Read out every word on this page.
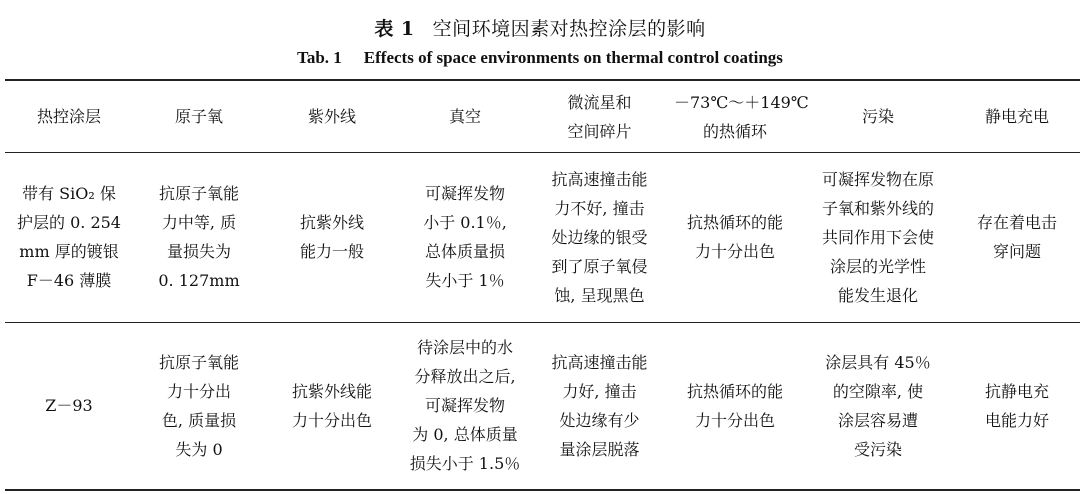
表 1 空间环境因素对热控涂层的影响
Tab. 1 Effects of space environments on thermal control coatings
热控涂层	原子氧	紫外线	真空	微流星和
空间碎片	－73℃～＋149℃
的热循环	污染	静电充电

带有 SiO₂ 保
护层的 0. 254
mm 厚的镀银
F－46 薄膜	抗原子氧能
力中等, 质
量损失为
0. 127mm	抗紫外线
能力一般	可凝挥发物
小于 0.1％,
总体质量损
失小于 1％	抗高速撞击能
力不好, 撞击
处边缘的银受
到了原子氧侵
蚀, 呈现黑色	抗热循环的能
力十分出色	可凝挥发物在原
子氧和紫外线的
共同作用下会使
涂层的光学性
能发生退化	存在着电击
穿问题

Z－93	抗原子氧能
力十分出
色, 质量损
失为 0	抗紫外线能
力十分出色	待涂层中的水
分释放出之后,
可凝挥发物
为 0, 总体质量
损失小于 1.5％	抗高速撞击能
力好, 撞击
处边缘有少
量涂层脱落	抗热循环的能
力十分出色	涂层具有 45％
的空隙率, 使
涂层容易遭
受污染	抗静电充
电能力好
